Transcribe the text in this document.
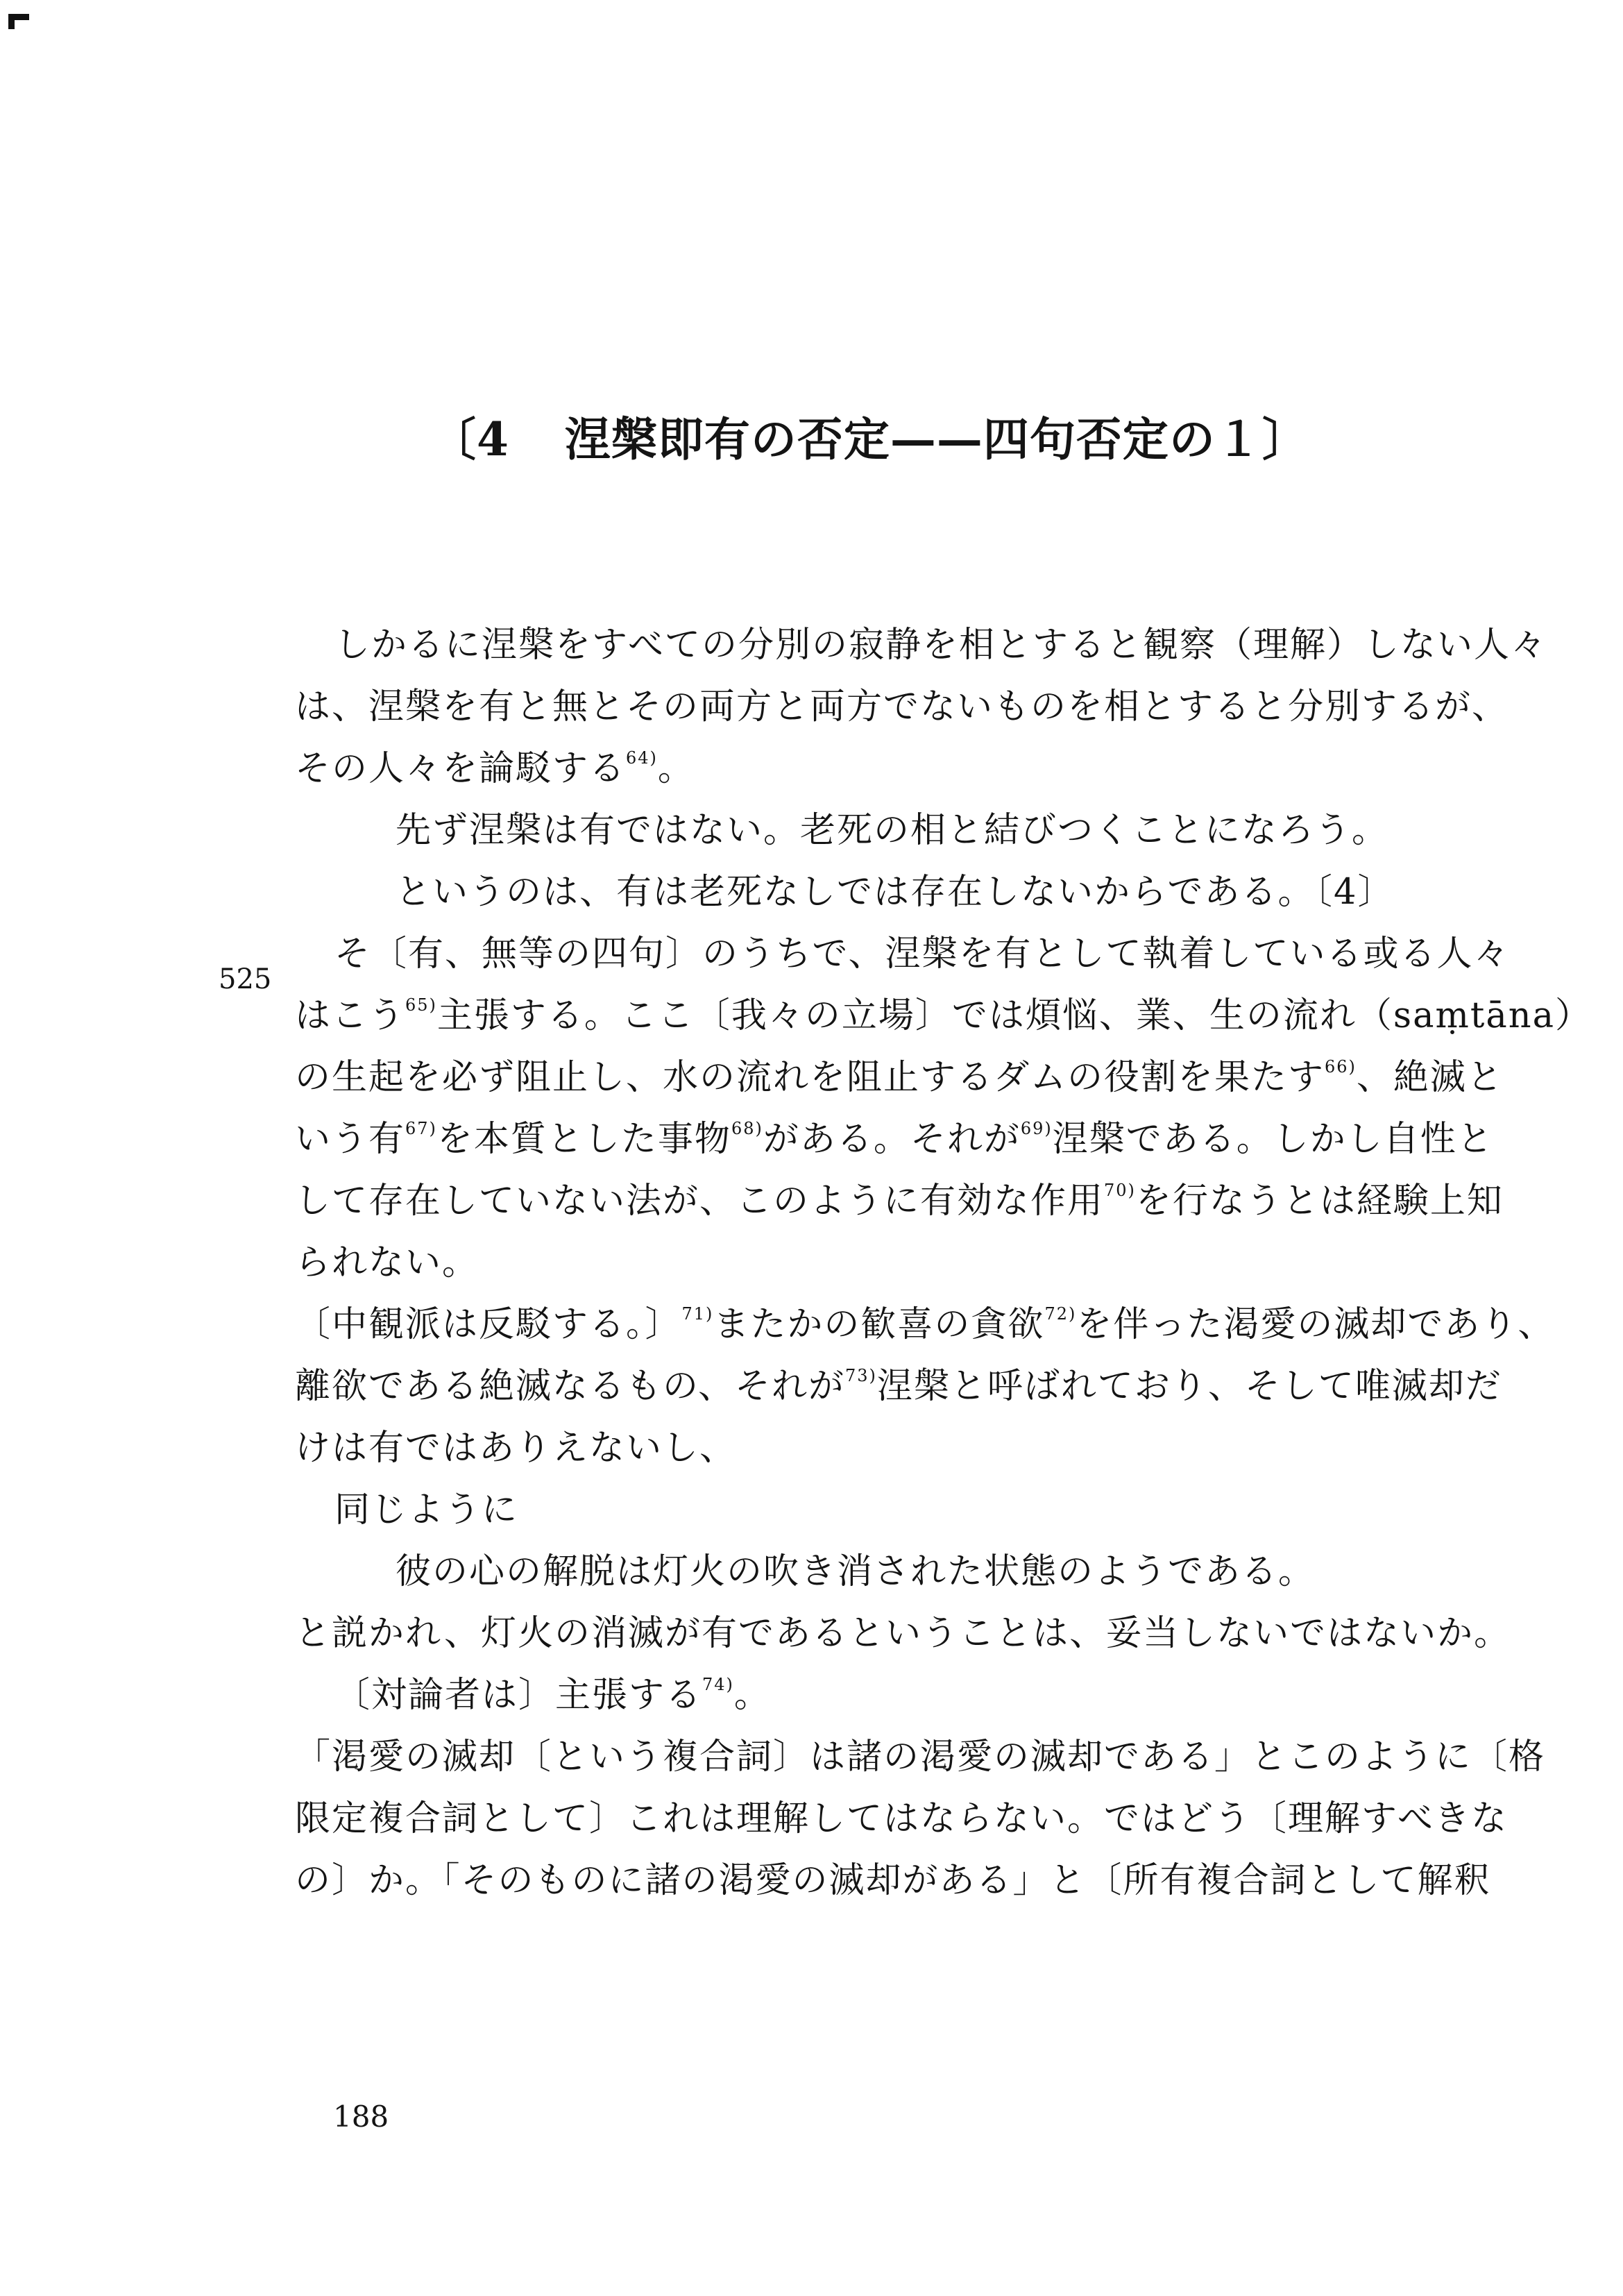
〔4 涅槃即有の否定——四句否定の１〕

しかるに涅槃をすべての分別の寂静を相とすると観察（理解）しない人々

は、涅槃を有と無とその両方と両方でないものを相とすると分別するが、

その人々を論駁する$^{64)}$。

先ず涅槃は有ではない。老死の相と結びつくことになろう。

というのは、有は老死なしでは存在しないからである。〔4〕

そ〔有、無等の四句〕のうちで、涅槃を有として執着している或る人々

はこう$^{65)}$主張する。ここ〔我々の立場〕では煩悩、業、生の流れ（saṃtāna）

の生起を必ず阻止し、水の流れを阻止するダムの役割を果たす$^{66)}$、絶滅と

いう有$^{67)}$を本質とした事物$^{68)}$がある。それが$^{69)}$涅槃である。しかし自性と

して存在していない法が、このように有効な作用$^{70)}$を行なうとは経験上知

られない。

〔中観派は反駁する。〕$^{71)}$またかの歓喜の貪欲$^{72)}$を伴った渇愛の滅却であり、

離欲である絶滅なるもの、それが$^{73)}$涅槃と呼ばれており、そして唯滅却だ

けは有ではありえないし、

同じように

彼の心の解脱は灯火の吹き消された状態のようである。

と説かれ、灯火の消滅が有であるということは、妥当しないではないか。

〔対論者は〕主張する$^{74)}$。

「渇愛の滅却〔という複合詞〕は諸の渇愛の滅却である」とこのように〔格

限定複合詞として〕これは理解してはならない。ではどう〔理解すべきな

の〕か。「そのものに諸の渇愛の滅却がある」と〔所有複合詞として解釈

525
188
